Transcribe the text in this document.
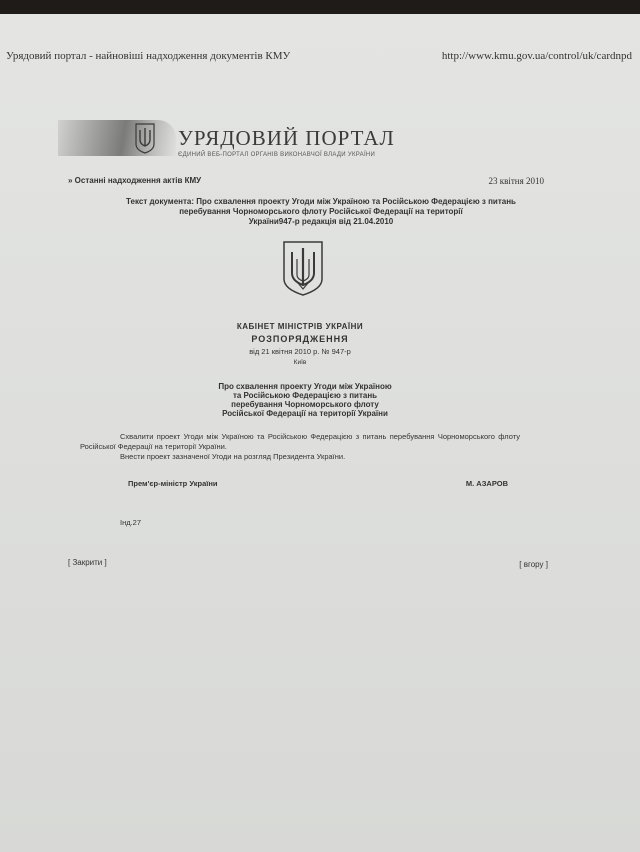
Урядовий портал - найновіші надходження документів КМУ	http://www.kmu.gov.ua/control/uk/cardnpd
УРЯДОВИЙ ПОРТАЛ
ЄДИНИЙ ВЕБ-ПОРТАЛ ОРГАНІВ ВИКОНАВЧОЇ ВЛАДИ УКРАЇНИ
» Останні надходження актів КМУ	23 квітня 2010
Текст документа: Про схвалення проекту Угоди між Україною та Російською Федерацією з питань
перебування Чорноморського флоту Російської Федерації на території
України947-р редакція від 21.04.2010
КАБІНЕТ МІНІСТРІВ УКРАЇНИ
РОЗПОРЯДЖЕННЯ
від 21 квітня 2010 р. № 947-р
Київ
Про схвалення проекту Угоди між Україною
та Російською Федерацією з питань
перебування Чорноморського флоту
Російської Федерації на території України
Схвалити проект Угоди між Україною та Російською Федерацією з питань перебування Чорноморського флоту Російської Федерації на території України.
Внести проект зазначеної Угоди на розгляд Президента України.
Прем'єр-міністр України	М. АЗАРОВ
Інд.27
[ Закрити ]	[ вгору ]
